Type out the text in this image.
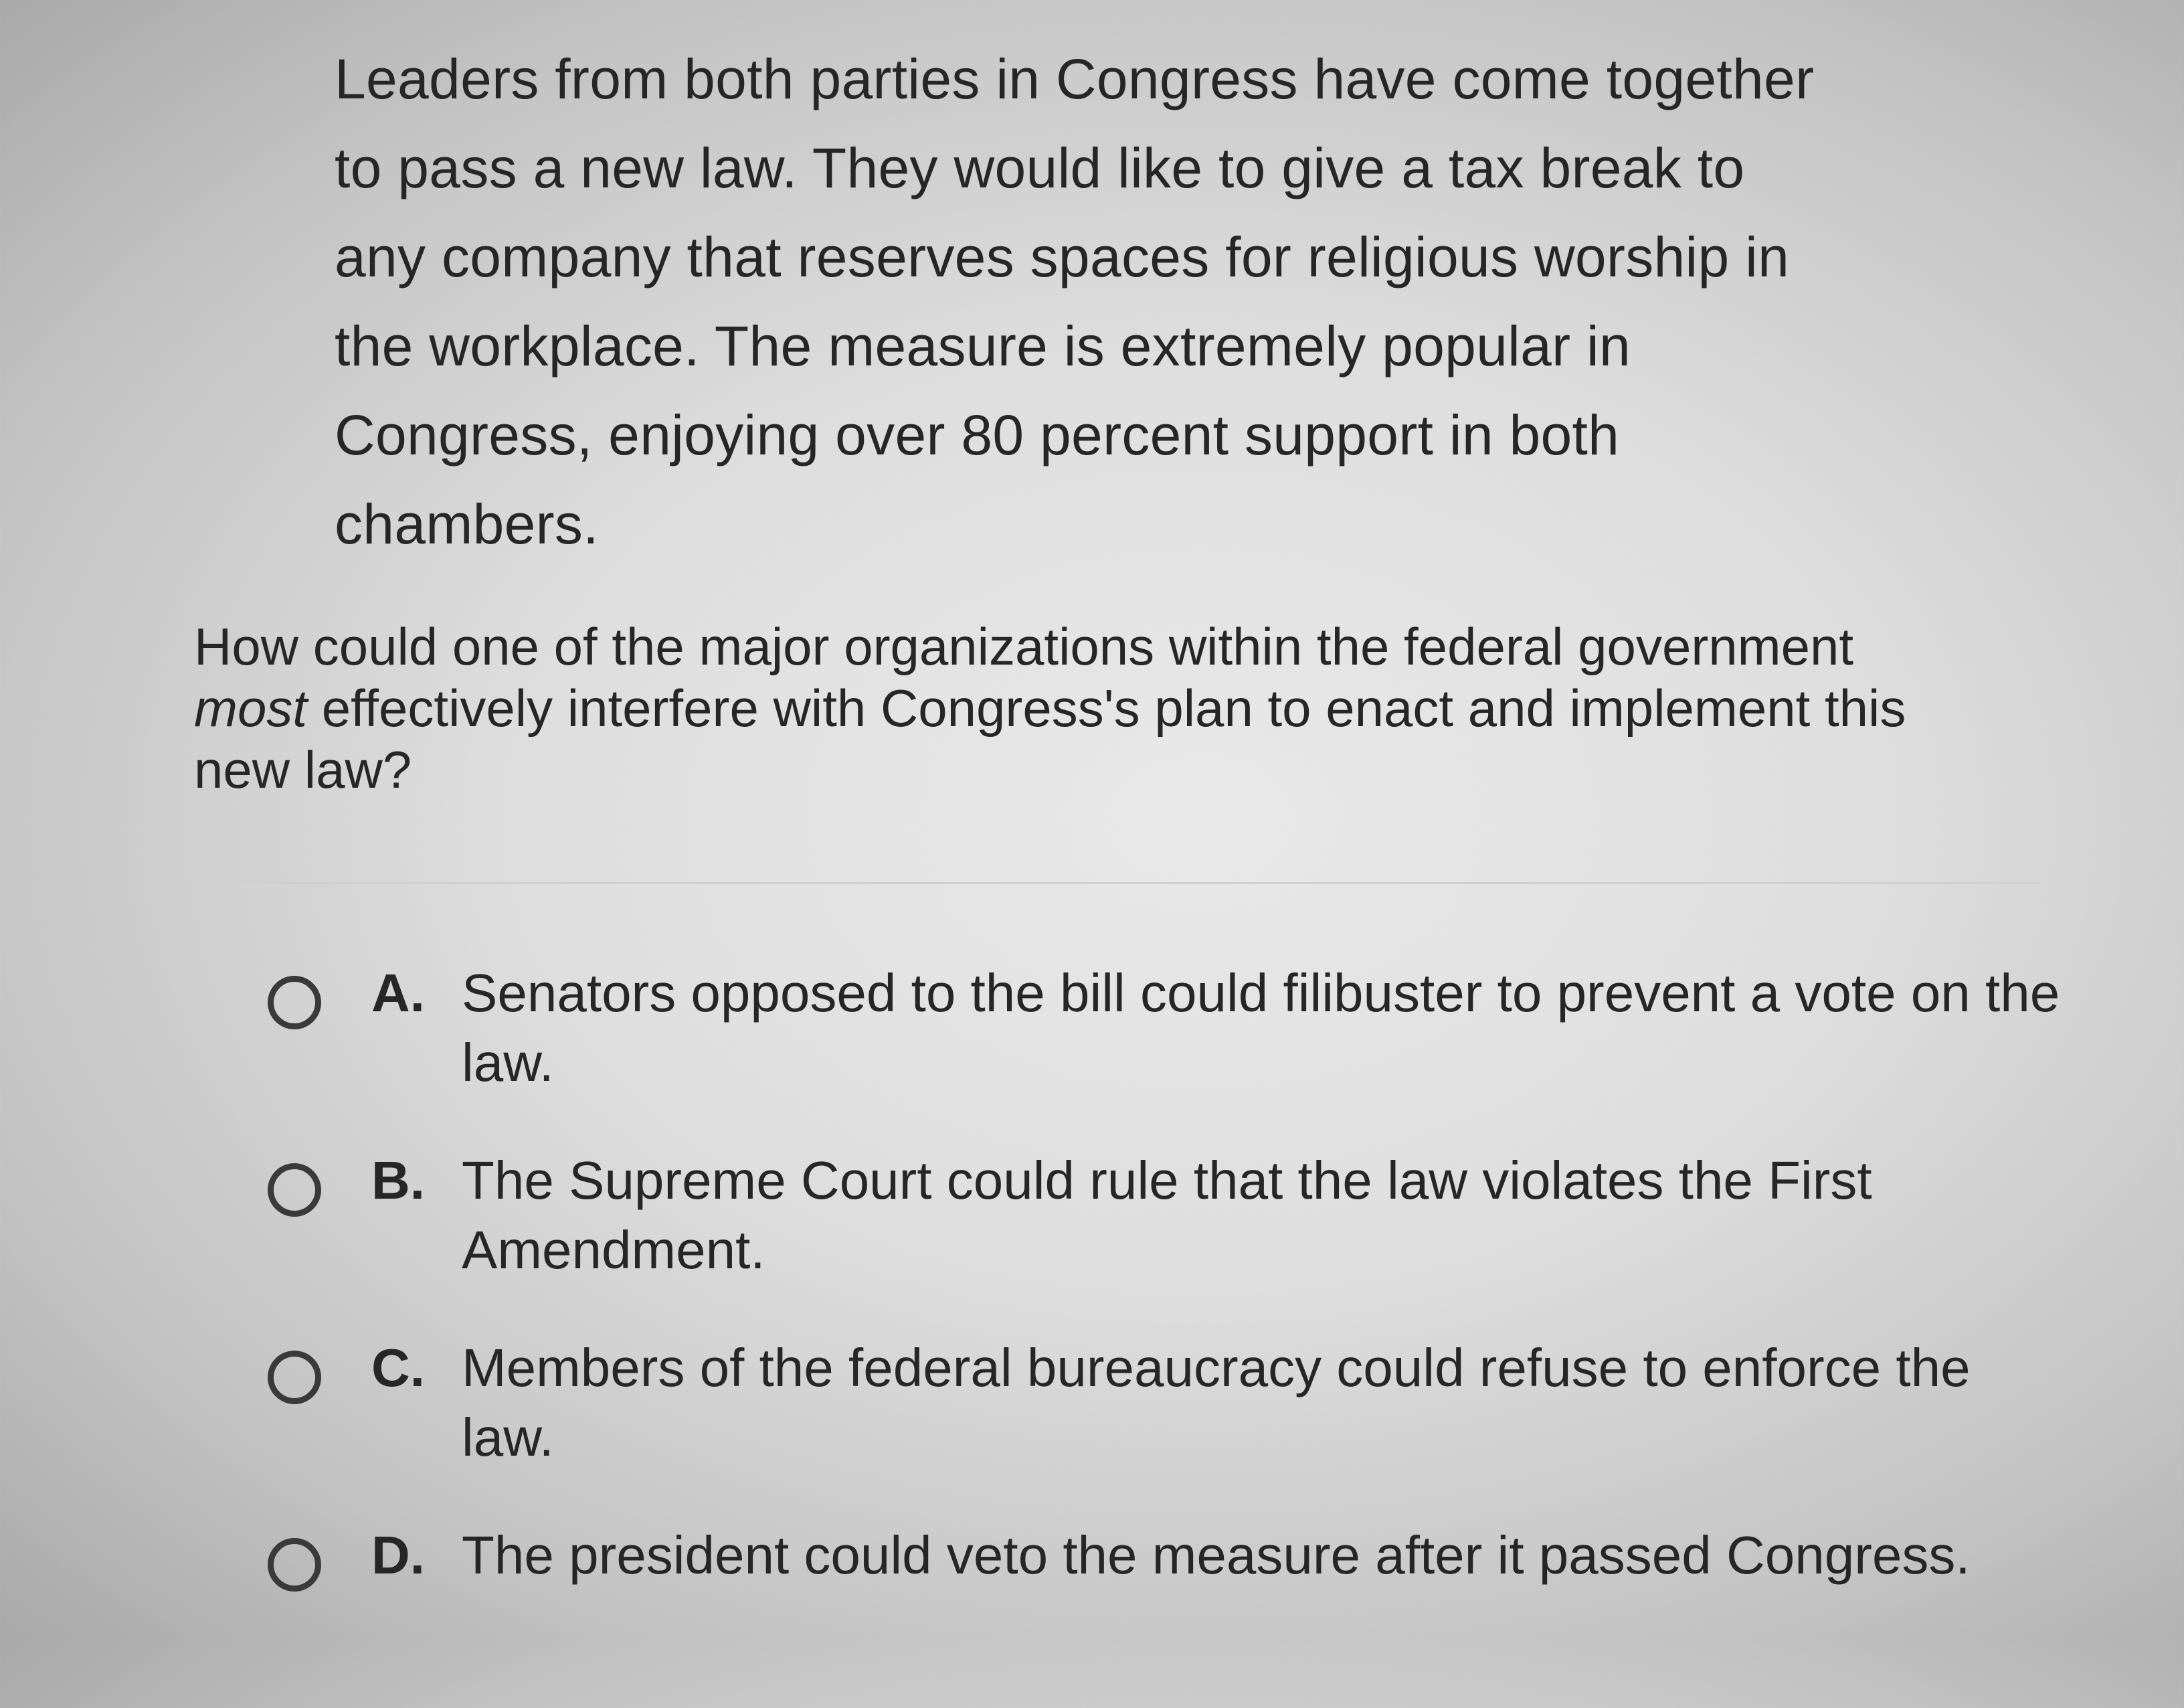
Leaders from both parties in Congress have come together

to pass a new law. They would like to give a tax break to

any company that reserves spaces for religious worship in

the workplace. The measure is extremely popular in

Congress, enjoying over 80 percent support in both

chambers.

How could one of the major organizations within the federal government
most effectively interfere with Congress's plan to enact and implement this new law?
A. Senators opposed to the bill could filibuster to prevent a vote on the law.
B. The Supreme Court could rule that the law violates the First Amendment.
C. Members of the federal bureaucracy could refuse to enforce the law.
D. The president could veto the measure after it passed Congress.
